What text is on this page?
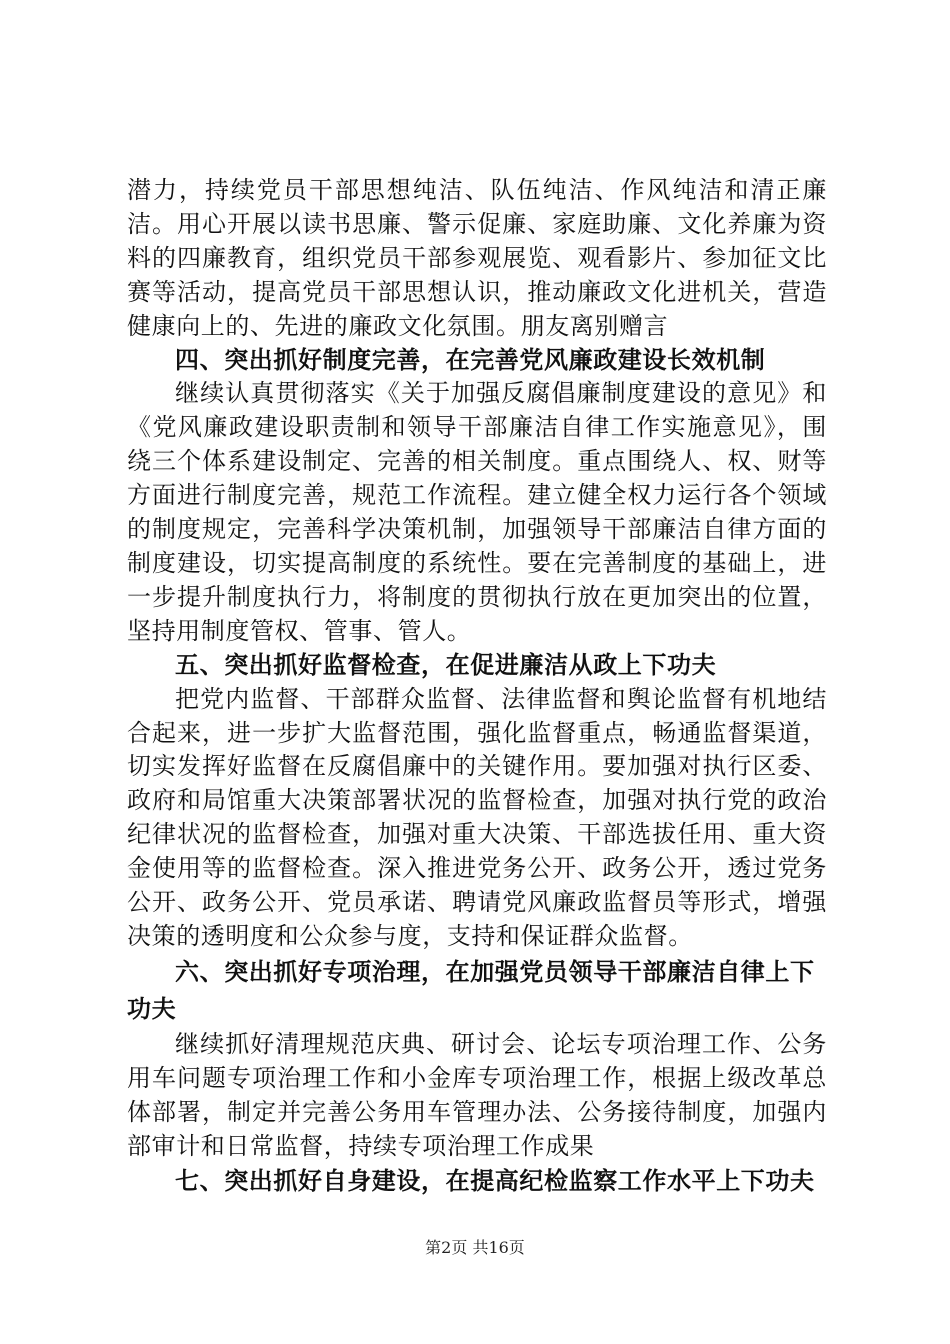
潜力，持续党员干部思想纯洁、队伍纯洁、作风纯洁和清正廉洁。用心开展以读书思廉、警示促廉、家庭助廉、文化养廉为资料的四廉教育，组织党员干部参观展览、观看影片、参加征文比赛等活动，提高党员干部思想认识，推动廉政文化进机关，营造健康向上的、先进的廉政文化氛围。朋友离别赠言

四、突出抓好制度完善，在完善党风廉政建设长效机制

继续认真贯彻落实《关于加强反腐倡廉制度建设的意见》和《党风廉政建设职责制和领导干部廉洁自律工作实施意见》，围绕三个体系建设制定、完善的相关制度。重点围绕人、权、财等方面进行制度完善，规范工作流程。建立健全权力运行各个领域的制度规定，完善科学决策机制，加强领导干部廉洁自律方面的制度建设，切实提高制度的系统性。要在完善制度的基础上，进一步提升制度执行力，将制度的贯彻执行放在更加突出的位置，坚持用制度管权、管事、管人。

五、突出抓好监督检查，在促进廉洁从政上下功夫

把党内监督、干部群众监督、法律监督和舆论监督有机地结合起来，进一步扩大监督范围，强化监督重点，畅通监督渠道，切实发挥好监督在反腐倡廉中的关键作用。要加强对执行区委、政府和局馆重大决策部署状况的监督检查，加强对执行党的政治纪律状况的监督检查，加强对重大决策、干部选拔任用、重大资金使用等的监督检查。深入推进党务公开、政务公开，透过党务公开、政务公开、党员承诺、聘请党风廉政监督员等形式，增强决策的透明度和公众参与度，支持和保证群众监督。

六、突出抓好专项治理，在加强党员领导干部廉洁自律上下功夫

继续抓好清理规范庆典、研讨会、论坛专项治理工作、公务用车问题专项治理工作和小金库专项治理工作，根据上级改革总体部署，制定并完善公务用车管理办法、公务接待制度，加强内部审计和日常监督，持续专项治理工作成果

七、突出抓好自身建设，在提高纪检监察工作水平上下功夫

第2页 共16页
